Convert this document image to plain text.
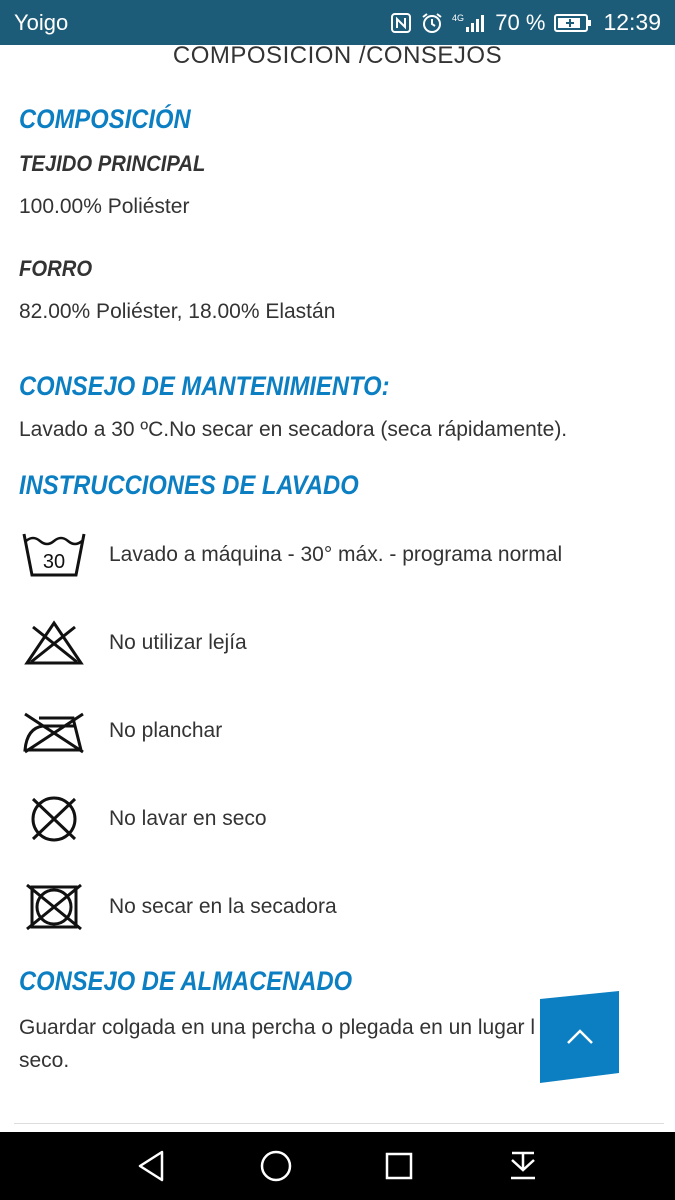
Yoigo	4G 70 %	12:39
COMPOSICION /CONSEJOS
COMPOSICIÓN
TEJIDO PRINCIPAL
100.00% Poliéster
FORRO
82.00% Poliéster, 18.00% Elastán
CONSEJO DE MANTENIMIENTO:
Lavado a 30 ºC.No secar en secadora (seca rápidamente).
INSTRUCCIONES DE LAVADO
30 Lavado a máquina - 30° máx. - programa normal
No utilizar lejía
No planchar
No lavar en seco
No secar en la secadora
CONSEJO DE ALMACENADO
Guardar colgada en una percha o plegada en un lugar l seco.
